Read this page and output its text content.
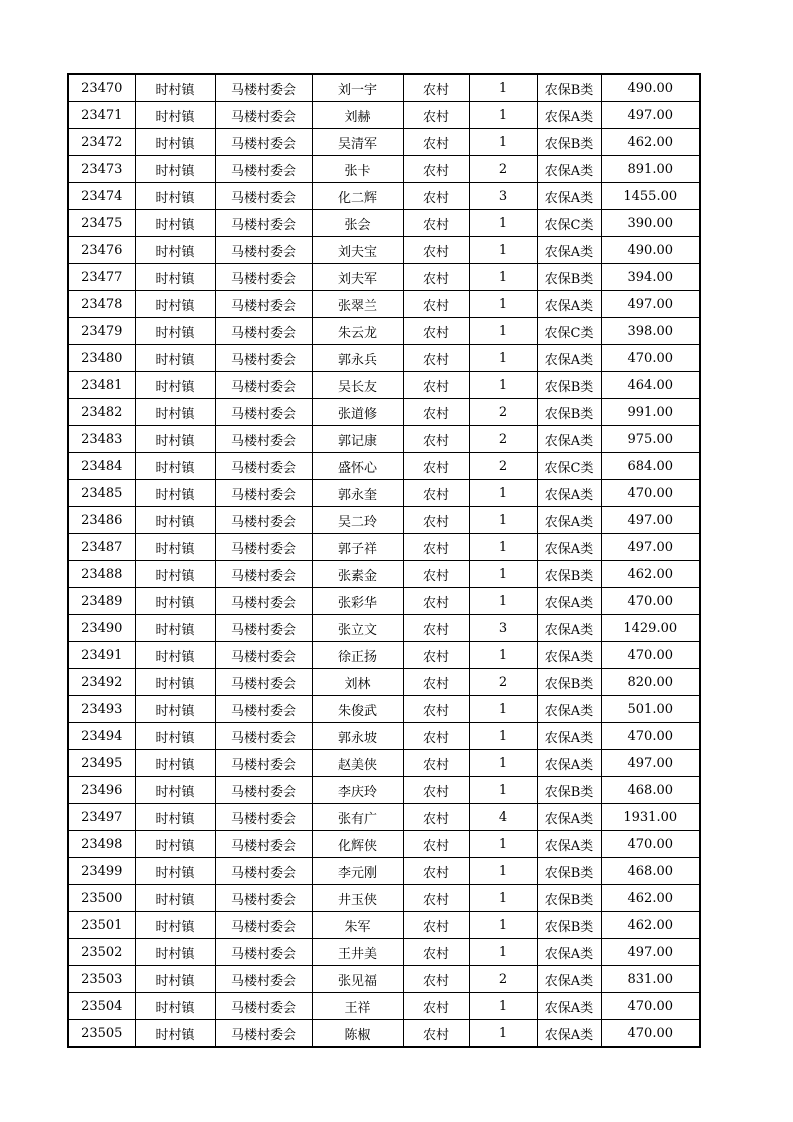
23470	时村镇	马楼村委会	刘一宇	农村	1	农保B类	490.00
23471	时村镇	马楼村委会	刘赫	农村	1	农保A类	497.00
23472	时村镇	马楼村委会	吴清军	农村	1	农保B类	462.00
23473	时村镇	马楼村委会	张卡	农村	2	农保A类	891.00
23474	时村镇	马楼村委会	化二辉	农村	3	农保A类	1455.00
23475	时村镇	马楼村委会	张会	农村	1	农保C类	390.00
23476	时村镇	马楼村委会	刘夫宝	农村	1	农保A类	490.00
23477	时村镇	马楼村委会	刘夫军	农村	1	农保B类	394.00
23478	时村镇	马楼村委会	张翠兰	农村	1	农保A类	497.00
23479	时村镇	马楼村委会	朱云龙	农村	1	农保C类	398.00
23480	时村镇	马楼村委会	郭永兵	农村	1	农保A类	470.00
23481	时村镇	马楼村委会	吴长友	农村	1	农保B类	464.00
23482	时村镇	马楼村委会	张道修	农村	2	农保B类	991.00
23483	时村镇	马楼村委会	郭记康	农村	2	农保A类	975.00
23484	时村镇	马楼村委会	盛怀心	农村	2	农保C类	684.00
23485	时村镇	马楼村委会	郭永奎	农村	1	农保A类	470.00
23486	时村镇	马楼村委会	吴二玲	农村	1	农保A类	497.00
23487	时村镇	马楼村委会	郭子祥	农村	1	农保A类	497.00
23488	时村镇	马楼村委会	张素金	农村	1	农保B类	462.00
23489	时村镇	马楼村委会	张彩华	农村	1	农保A类	470.00
23490	时村镇	马楼村委会	张立文	农村	3	农保A类	1429.00
23491	时村镇	马楼村委会	徐正扬	农村	1	农保A类	470.00
23492	时村镇	马楼村委会	刘林	农村	2	农保B类	820.00
23493	时村镇	马楼村委会	朱俊武	农村	1	农保A类	501.00
23494	时村镇	马楼村委会	郭永坡	农村	1	农保A类	470.00
23495	时村镇	马楼村委会	赵美侠	农村	1	农保A类	497.00
23496	时村镇	马楼村委会	李庆玲	农村	1	农保B类	468.00
23497	时村镇	马楼村委会	张有广	农村	4	农保A类	1931.00
23498	时村镇	马楼村委会	化辉侠	农村	1	农保A类	470.00
23499	时村镇	马楼村委会	李元刚	农村	1	农保B类	468.00
23500	时村镇	马楼村委会	井玉侠	农村	1	农保B类	462.00
23501	时村镇	马楼村委会	朱军	农村	1	农保B类	462.00
23502	时村镇	马楼村委会	王井美	农村	1	农保A类	497.00
23503	时村镇	马楼村委会	张见福	农村	2	农保A类	831.00
23504	时村镇	马楼村委会	王祥	农村	1	农保A类	470.00
23505	时村镇	马楼村委会	陈椒	农村	1	农保A类	470.00
